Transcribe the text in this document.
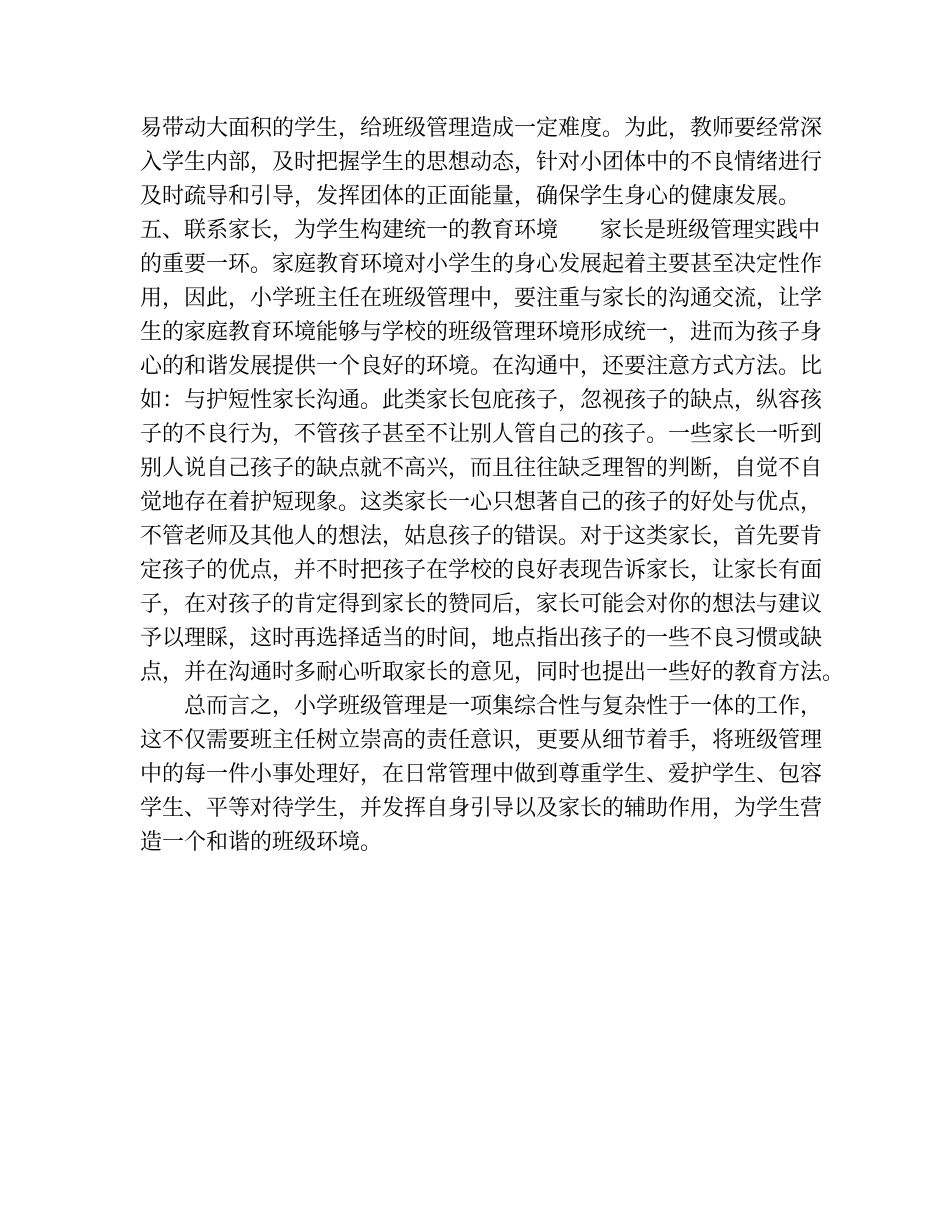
易带动大面积的学生，给班级管理造成一定难度。为此，教师要经常深
入学生内部，及时把握学生的思想动态，针对小团体中的不良情绪进行
及时疏导和引导，发挥团体的正面能量，确保学生身心的健康发展。
五、联系家长，为学生构建统一的教育环境 家长是班级管理实践中
的重要一环。家庭教育环境对小学生的身心发展起着主要甚至决定性作
用，因此，小学班主任在班级管理中，要注重与家长的沟通交流，让学
生的家庭教育环境能够与学校的班级管理环境形成统一，进而为孩子身
心的和谐发展提供一个良好的环境。在沟通中，还要注意方式方法。比
如：与护短性家长沟通。此类家长包庇孩子，忽视孩子的缺点，纵容孩
子的不良行为，不管孩子甚至不让别人管自己的孩子。一些家长一听到
别人说自己孩子的缺点就不高兴，而且往往缺乏理智的判断，自觉不自
觉地存在着护短现象。这类家长一心只想著自己的孩子的好处与优点，
不管老师及其他人的想法，姑息孩子的错误。对于这类家长，首先要肯
定孩子的优点，并不时把孩子在学校的良好表现告诉家长，让家长有面
子，在对孩子的肯定得到家长的赞同后，家长可能会对你的想法与建议
予以理睬，这时再选择适当的时间，地点指出孩子的一些不良习惯或缺
点，并在沟通时多耐心听取家长的意见，同时也提出一些好的教育方法。
总而言之，小学班级管理是一项集综合性与复杂性于一体的工作，
这不仅需要班主任树立崇高的责任意识，更要从细节着手，将班级管理
中的每一件小事处理好，在日常管理中做到尊重学生、爱护学生、包容
学生、平等对待学生，并发挥自身引导以及家长的辅助作用，为学生营
造一个和谐的班级环境。
